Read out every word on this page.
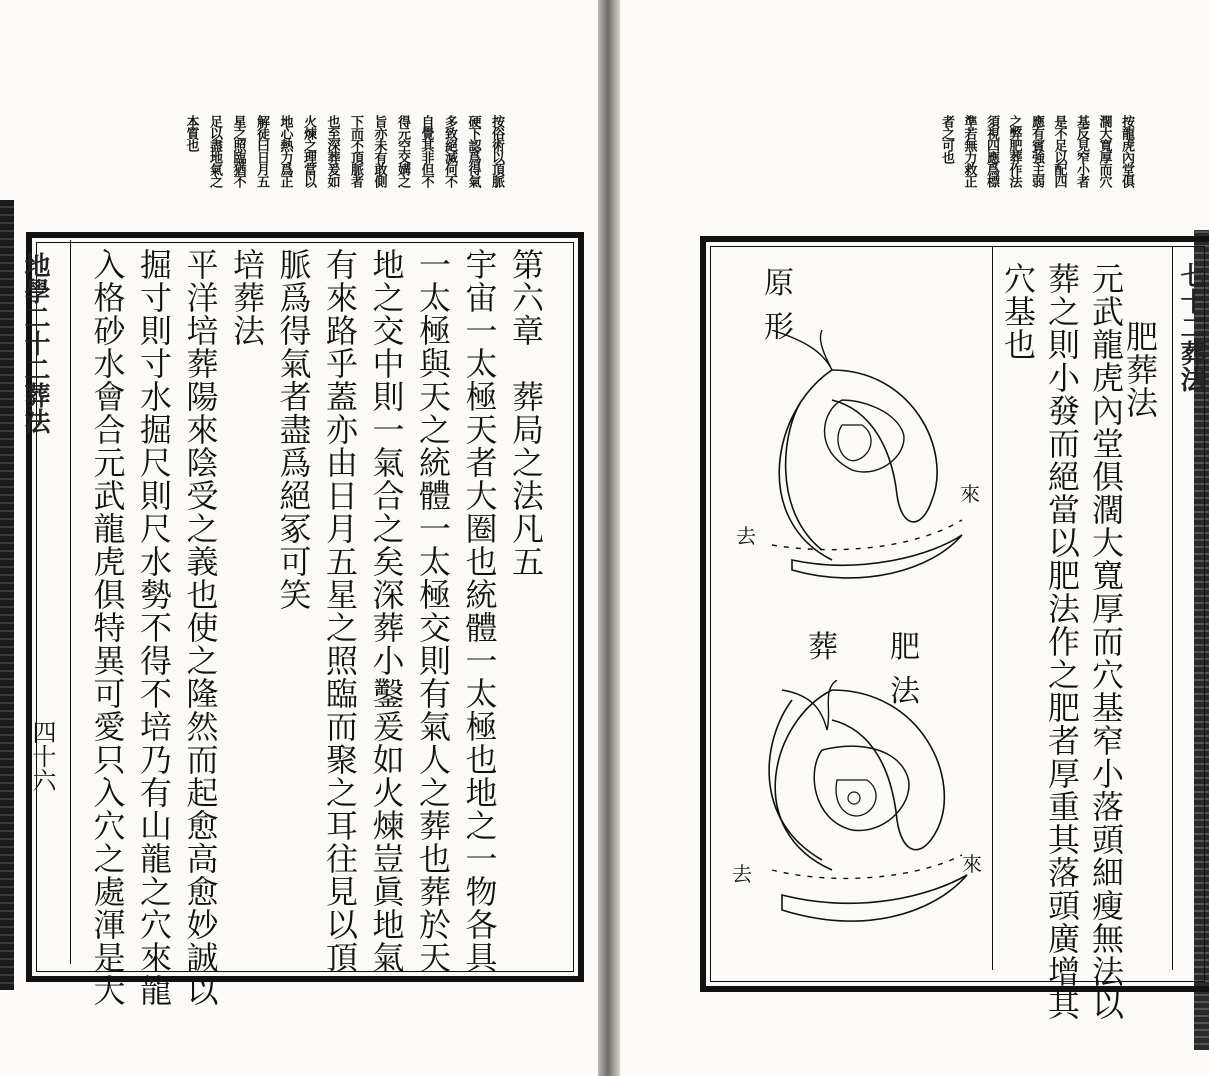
按俗術以頂脈
硬下認爲得氣
多致絕滅何不
自覺其非但不
得元空交媾之
旨亦未有敢側
下而不頂脈者
也至深葬爰如
火煉之理當以
地心熱力爲正
解徒曰日月五
星之照臨猶不
足以盡地氣之
本質也
地學二十二葬法
四十六
第六章　葬局之法凡五
宇宙一太極天者大圈也統體一太極也地之一物各具
一太極與天之統體一太極交則有氣人之葬也葬於天
地之交中則一氣合之矣深葬小鑿爰如火煉豈眞地氣
有來路乎蓋亦由日月五星之照臨而聚之耳往見以頂
脈爲得氣者盡爲絕冢可笑
培葬法
平洋培葬陽來陰受之義也使之隆然而起愈高愈妙誠以
掘寸則寸水掘尺則尺水勢不得不培乃有山龍之穴來龍
入格砂水會合元武龍虎俱特異可愛只入穴之處渾是大
按龍虎內堂俱
濶大寬厚而穴
基反見窄小者
是不足以配四
應有賓強主弱
之弊肥葬作法
須視四應爲標
準若無力救正
者之可也
七十二葬法
肥葬法
元武龍虎內堂俱濶大寬厚而穴基窄小落頭細瘦無法以
葬之則小發而絕當以肥法作之肥者厚重其落頭廣增其
穴基也
原形
來
去
肥葬法
來
去
